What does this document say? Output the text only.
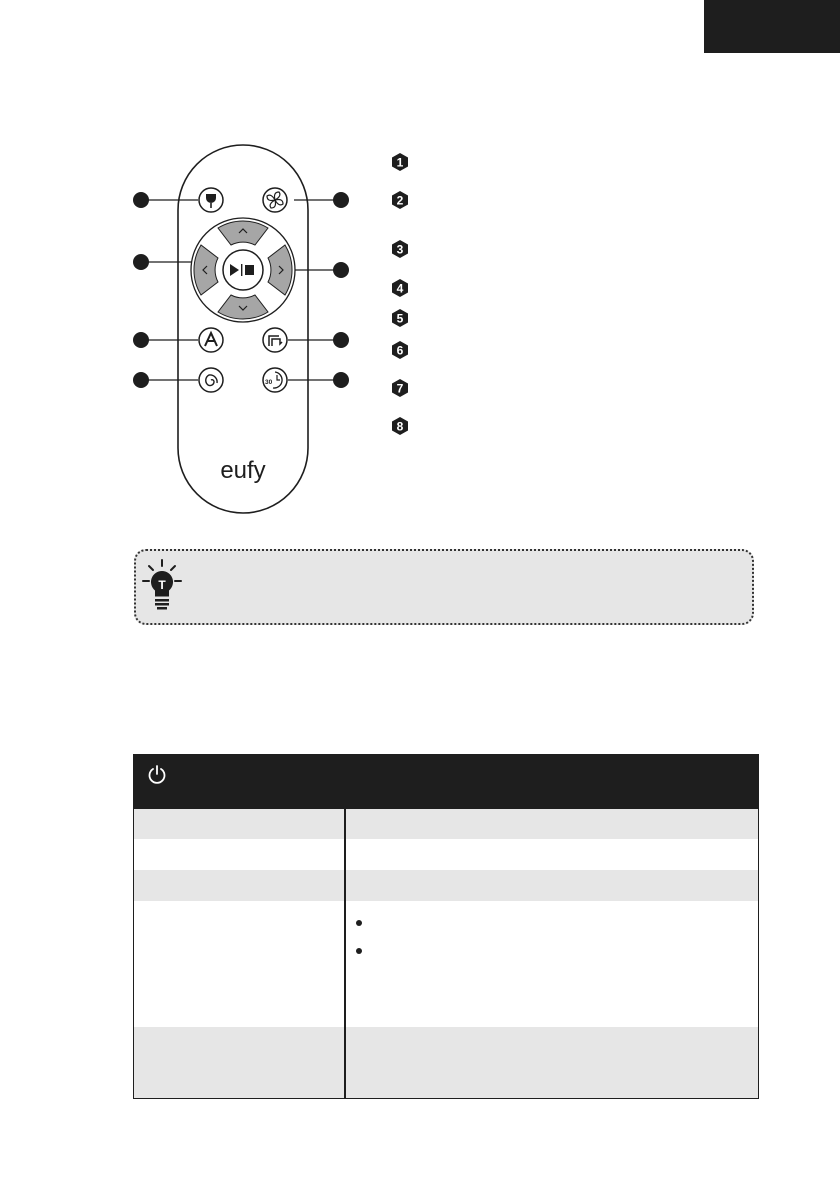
30
eufy
1
2
3
4
5
6
7
8
T
